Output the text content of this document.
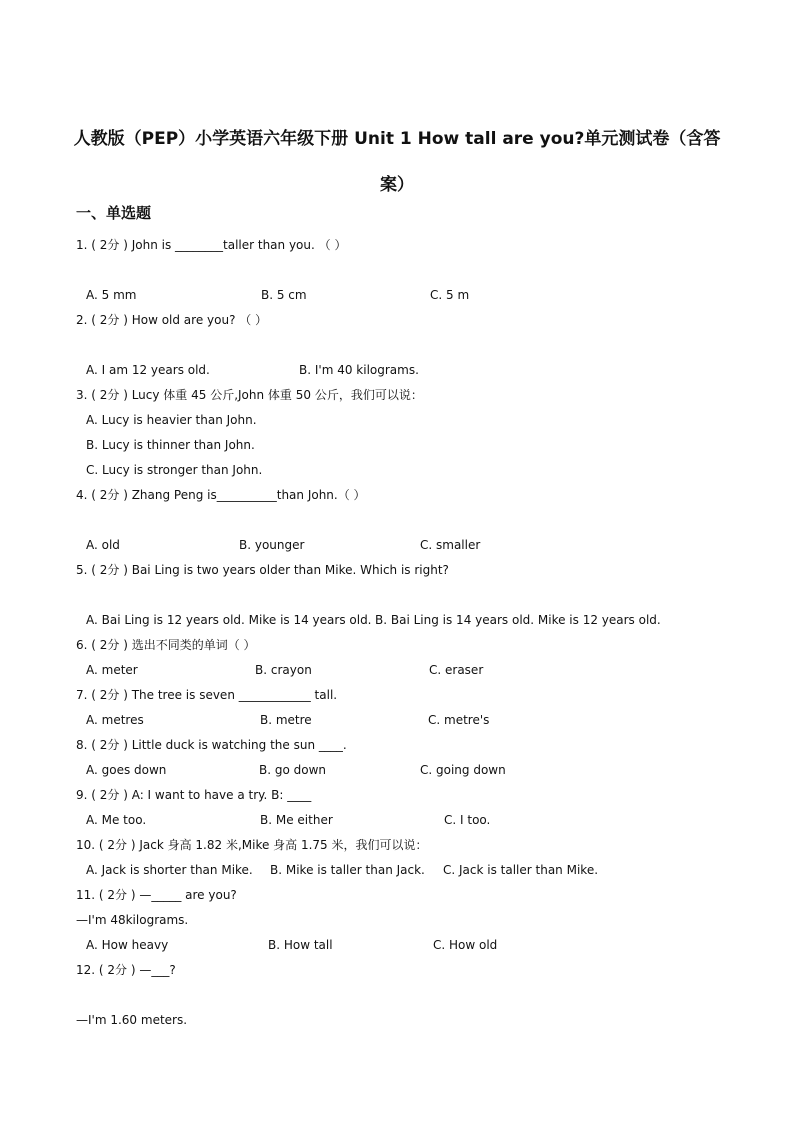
人教版（PEP）小学英语六年级下册 Unit 1 How tall are you?单元测试卷（含答案）
一、单选题
1. ( 2分 ) John is ________taller than you. （ ）
A. 5 mm	B. 5 cm	C. 5 m
2. ( 2分 ) How old are you? （ ）
A. I am 12 years old.	B. I'm 40 kilograms.
3. ( 2分 ) Lucy 体重 45 公斤,John 体重 50 公斤，我们可以说：
A. Lucy is heavier than John.
B. Lucy is thinner than John.
C. Lucy is stronger than John.
4. ( 2分 ) Zhang Peng is__________than John.（ ）
A. old	B. younger	C. smaller
5. ( 2分 ) Bai Ling is two years older than Mike. Which is right?
A. Bai Ling is 12 years old. Mike is 14 years old. B. Bai Ling is 14 years old. Mike is 12 years old.
6. ( 2分 ) 选出不同类的单词（ ）
A. meter	B. crayon	C. eraser
7. ( 2分 ) The tree is seven ____________ tall.
A. metres	B. metre	C. metre's
8. ( 2分 ) Little duck is watching the sun ____.
A. goes down	B. go down	C. going down
9. ( 2分 ) A: I want to have a try. B: ____
A. Me too.	B. Me either	C. I too.
10. ( 2分 ) Jack 身高 1.82 米,Mike 身高 1.75 米，我们可以说：
A. Jack is shorter than Mike. B. Mike is taller than Jack. C. Jack is taller than Mike.
11. ( 2分 ) —_____ are you?
—I'm 48kilograms.
A. How heavy	B. How tall	C. How old
12. ( 2分 ) —___?
—I'm 1.60 meters.
